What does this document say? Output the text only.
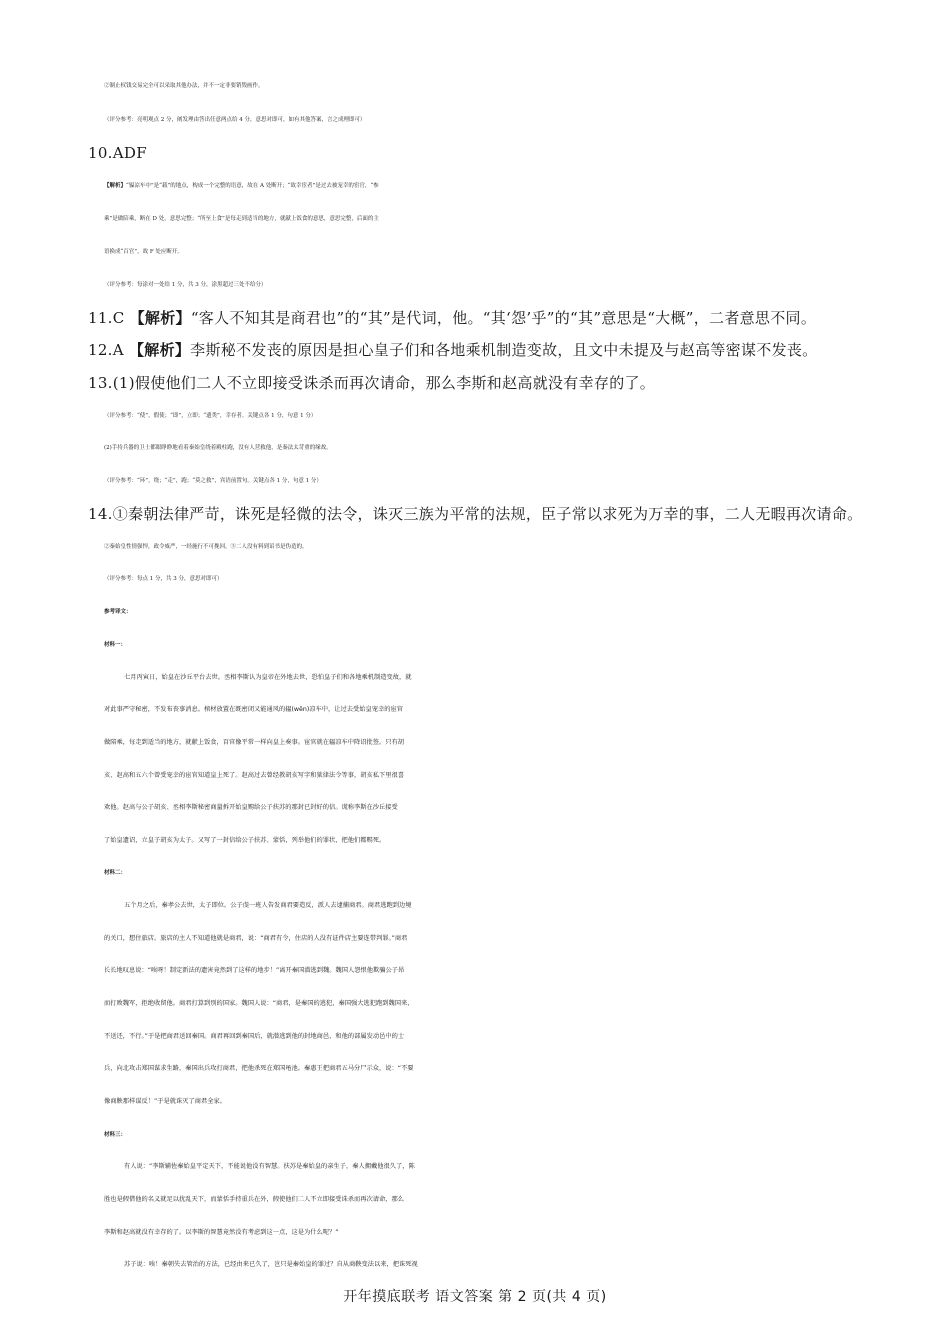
②制止权钱交易完全可以采取其他办法，并不一定非要销毁画作。
（评分参考：亮明观点 2 分，阐发理由答出任意两点给 4 分，意思对即可，如有其他答案，言之成理即可）
10.ADF
【解析】“辒凉车中”是“载”的地点，构成一个完整的语意，故在 A 处断开；“故幸宦者”是过去被宠幸的宦官，“参
乘”是做陪乘，断在 D 处，意思完整；“所至上食”是每走到适当的地方，就献上饭食的意思，意思完整，后面的主
语换成“百官”，故 F 处应断开。
（评分参考：每涂对一处给 1 分，共 3 分，涂黑超过三处不给分）
11.C 【解析】“客人不知其是商君也”的“其”是代词，他。“其‘怨’乎”的“其”意思是“大概”，二者意思不同。
12.A 【解析】李斯秘不发丧的原因是担心皇子们和各地乘机制造变故，且文中未提及与赵高等密谋不发丧。
13.(1)假使他们二人不立即接受诛杀而再次请命，那么李斯和赵高就没有幸存的了。
（评分参考：“使”，假使；“即”，立即；“遗类”，幸存者。关键点各 1 分，句意 1 分）
(2)手持兵器的卫士都眼睁睁地看着秦始皇绕着殿柱跑，没有人营救他，是秦法太苛重的缘故。
（评分参考：“环”，绕；“走”，跑；“莫之救”，宾语前置句。关键点各 1 分，句意 1 分）
14.①秦朝法律严苛，诛死是轻微的法令，诛灭三族为平常的法规，臣子常以求死为万幸的事，二人无暇再次请命。
②秦始皇性情强悍，政令威严，一经施行不可挽回。③二人没有料到诏书是伪造的。
（评分参考：每点 1 分，共 3 分，意思对即可）
参考译文：
材料一：
七月丙寅日，始皇在沙丘平台去世。丞相李斯认为皇帝在外地去世，恐怕皇子们和各地乘机制造变故，就
对此事严守秘密，不发布丧事消息。棺材放置在既密闭又能通风的辒(wēn)凉车中，让过去受始皇宠幸的宦官
做陪乘，每走到适当的地方，就献上饭食，百官像平常一样向皇上奏事。宦官就在辒凉车中降诏批签。只有胡
亥、赵高和五六个曾受宠幸的宦官知道皇上死了。赵高过去曾经教胡亥写字和狱律法令等事，胡亥私下里很喜
欢他。赵高与公子胡亥、丞相李斯秘密商量拆开始皇赐给公子扶苏的那封已封好的信。谎称李斯在沙丘接受
了始皇遗诏，立皇子胡亥为太子。又写了一封信给公子扶苏、蒙恬，列举他们的罪状，把他们都赐死。
材料二：
五个月之后，秦孝公去世，太子即位。公子虔一班人告发商君要造反，派人去逮捕商君。商君逃跑到边境
的关口，想住旅店。旅店的主人不知道他就是商君，说：“商君有令，住店的人没有证件店主要连带判罪。”商君
长长地叹息说：“唉呀！制定新法的遗害竟然到了这样的地步！”离开秦国潜逃到魏。魏国人怨恨他欺骗公子昂
而打败魏军，拒绝收留他。商君打算到别的国家。魏国人说：“商君，是秦国的逃犯，秦国强大逃犯跑到魏国来，
不送还，不行。”于是把商君送回秦国。商君再回到秦国后，就潜逃到他的封地商邑，和他的部属发动邑中的士
兵，向北攻击郑国谋求生路，秦国出兵攻打商君，把他杀死在郑国黾池。秦惠王把商君五马分尸示众，说：“不要
像商鞅那样谋反！”于是就诛灭了商君全家。
材料三：
有人说：“李斯辅佐秦始皇平定天下，不能说他没有智慧。扶苏是秦始皇的亲生子，秦人拥戴他很久了，陈
胜也是假借他的名义就足以扰乱天下，而蒙恬手持重兵在外，假使他们二人不立即接受诛杀而再次请命，那么
李斯和赵高就没有幸存的了。以李斯的智慧竟然没有考虑到这一点，这是为什么呢？”
苏子说：唉！秦朝失去管治的方法，已经由来已久了，岂只是秦始皇的罪过？自从商鞅变法以来，把诛死视
开年摸底联考 语文答案 第 2 页(共 4 页)
